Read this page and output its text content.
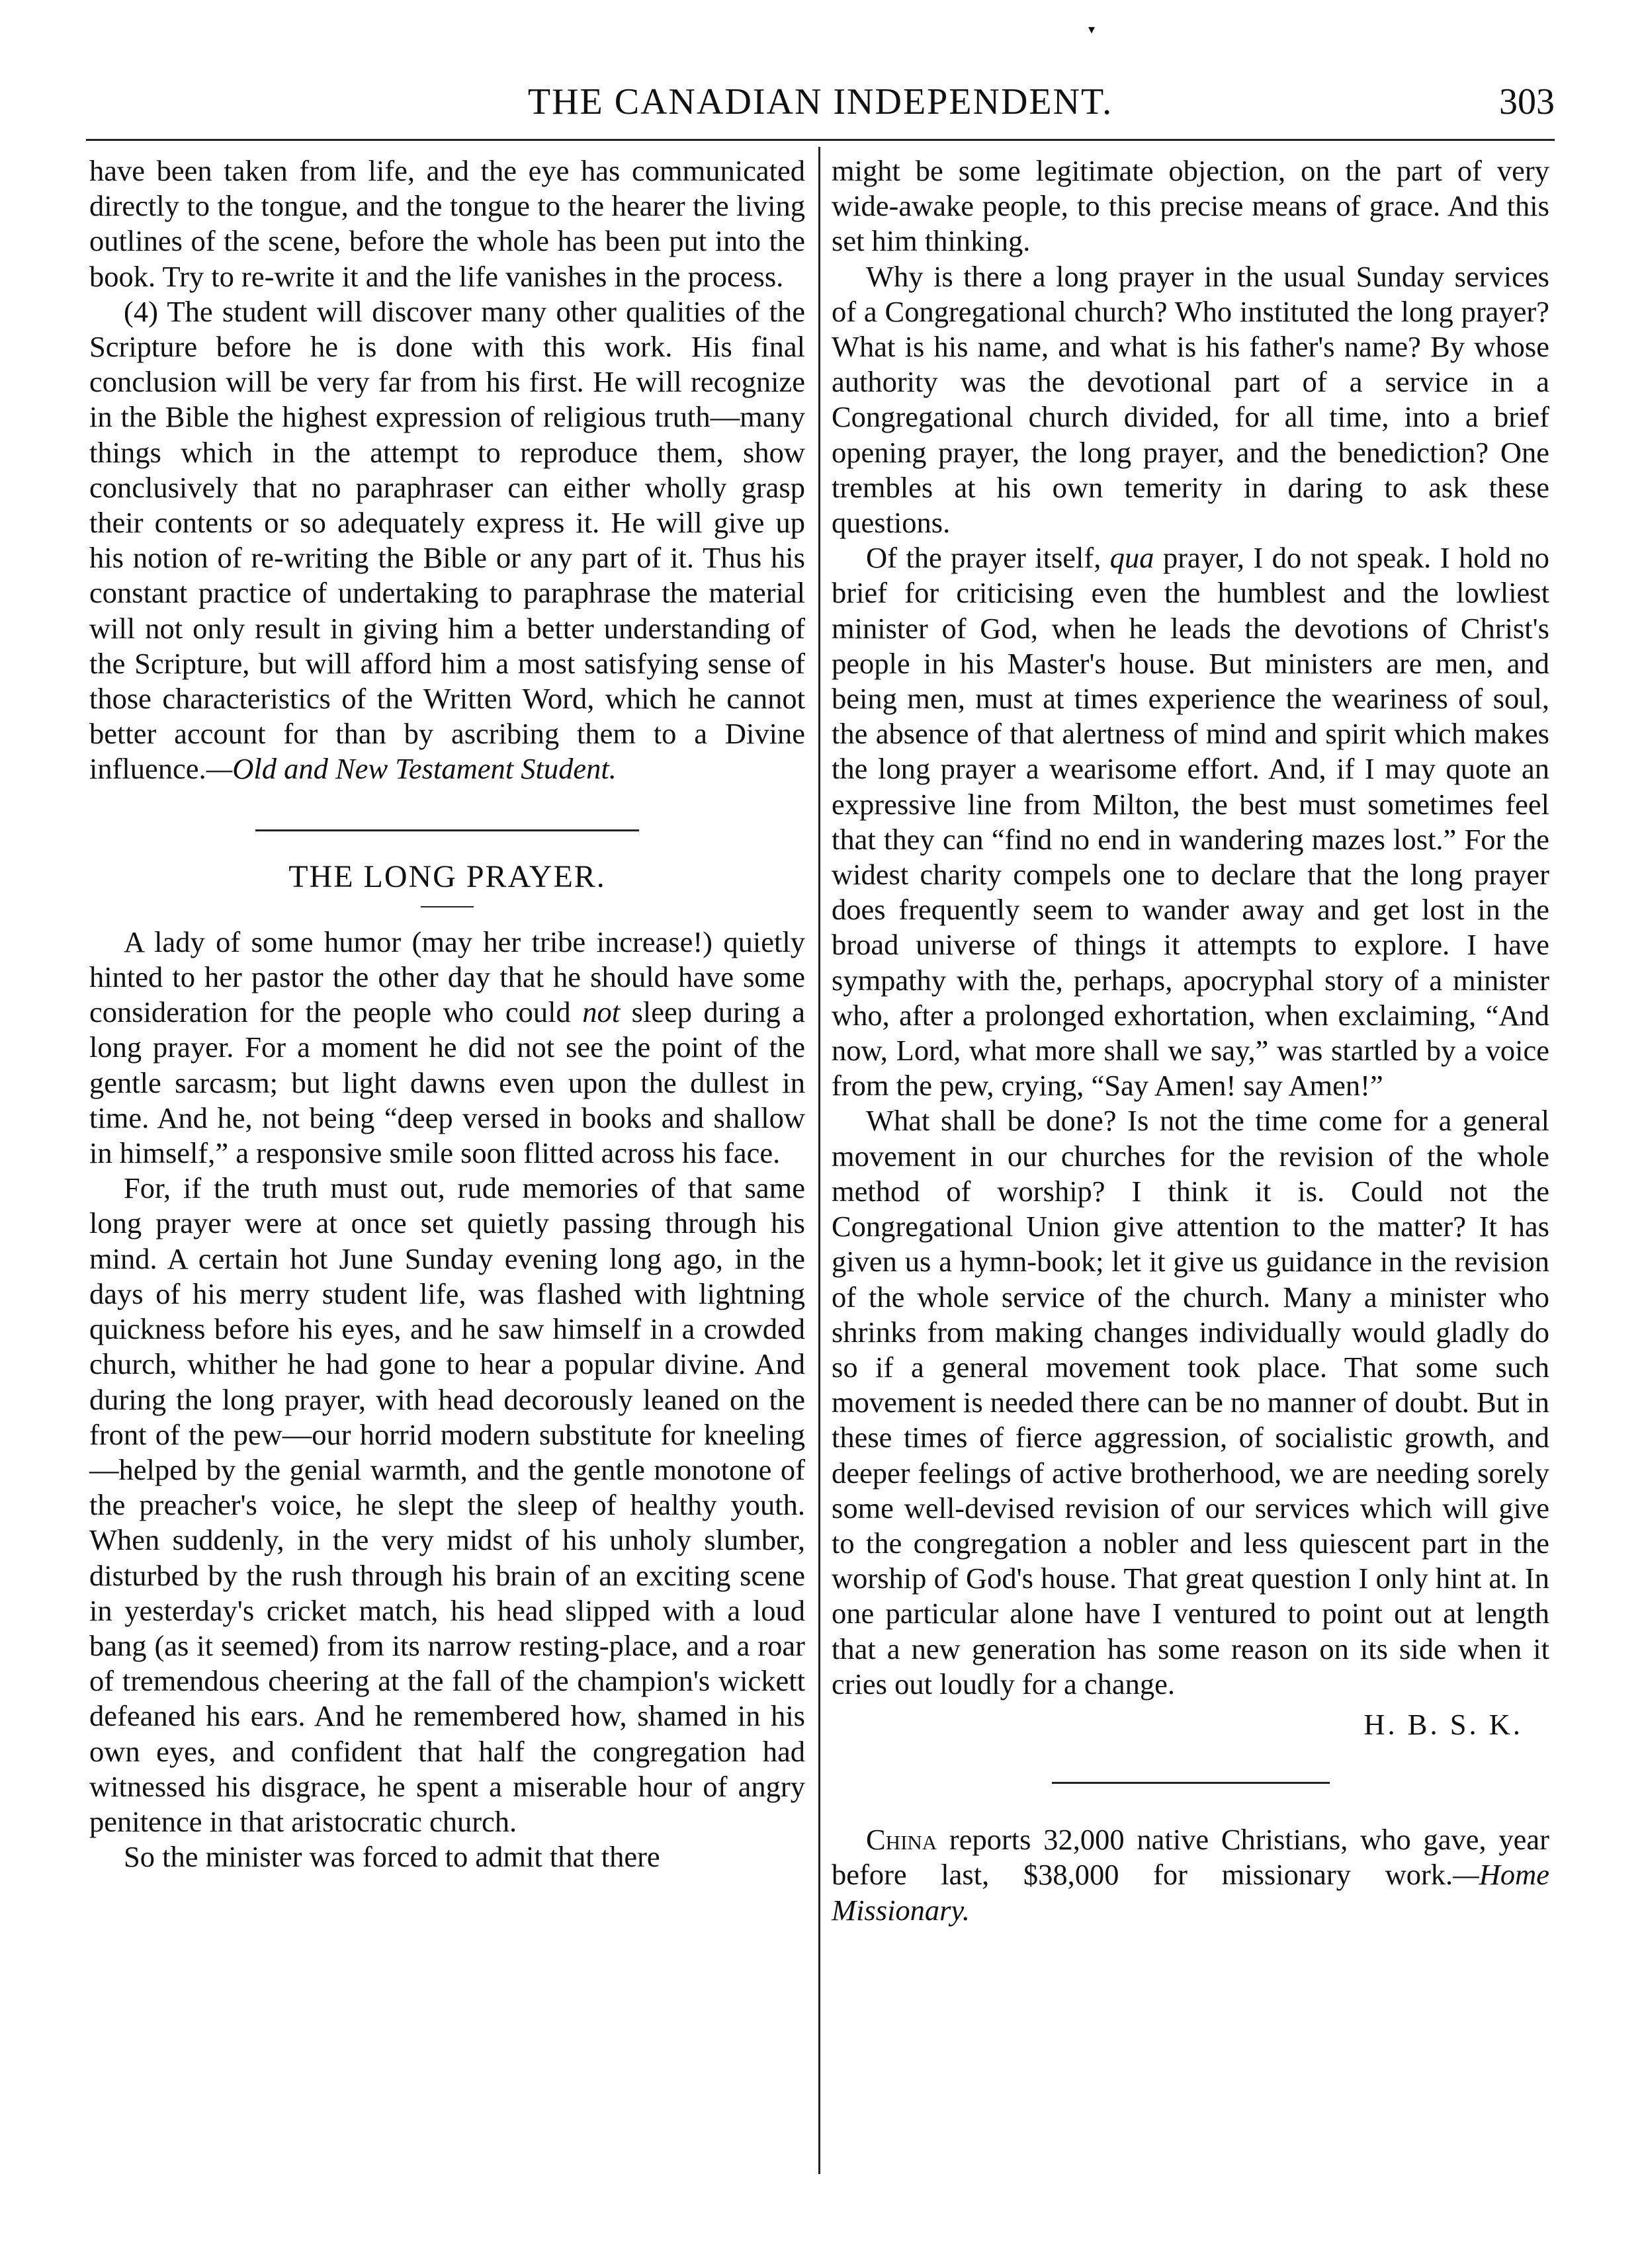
▾
THE CANADIAN INDEPENDENT.	303

have been taken from life, and the eye has communicated directly to the tongue, and the tongue to the hearer the living outlines of the scene, before the whole has been put into the book. Try to re-write it and the life vanishes in the process.

(4) The student will discover many other qualities of the Scripture before he is done with this work. His final conclusion will be very far from his first. He will recognize in the Bible the highest expression of religious truth—many things which in the attempt to reproduce them, show conclusively that no paraphraser can either wholly grasp their contents or so adequately express it. He will give up his notion of re-writing the Bible or any part of it. Thus his constant practice of undertaking to paraphrase the material will not only result in giving him a better understanding of the Scripture, but will afford him a most satisfying sense of those characteristics of the Written Word, which he cannot better account for than by ascribing them to a Divine influence.—Old and New Testament Student.

THE LONG PRAYER.

A lady of some humor (may her tribe increase!) quietly hinted to her pastor the other day that he should have some consideration for the people who could not sleep during a long prayer. For a moment he did not see the point of the gentle sarcasm; but light dawns even upon the dullest in time. And he, not being “deep versed in books and shallow in himself,” a responsive smile soon flitted across his face.

For, if the truth must out, rude memories of that same long prayer were at once set quietly passing through his mind. A certain hot June Sunday evening long ago, in the days of his merry student life, was flashed with lightning quickness before his eyes, and he saw himself in a crowded church, whither he had gone to hear a popular divine. And during the long prayer, with head decorously leaned on the front of the pew—our horrid modern substitute for kneeling—helped by the genial warmth, and the gentle monotone of the preacher's voice, he slept the sleep of healthy youth. When suddenly, in the very midst of his unholy slumber, disturbed by the rush through his brain of an exciting scene in yesterday's cricket match, his head slipped with a loud bang (as it seemed) from its narrow resting-place, and a roar of tremendous cheering at the fall of the champion's wickett defeaned his ears. And he remembered how, shamed in his own eyes, and confident that half the congregation had witnessed his disgrace, he spent a miserable hour of angry penitence in that aristocratic church.

So the minister was forced to admit that there

might be some legitimate objection, on the part of very wide-awake people, to this precise means of grace. And this set him thinking.

Why is there a long prayer in the usual Sunday services of a Congregational church? Who instituted the long prayer? What is his name, and what is his father's name? By whose authority was the devotional part of a service in a Congregational church divided, for all time, into a brief opening prayer, the long prayer, and the benediction? One trembles at his own temerity in daring to ask these questions.

Of the prayer itself, qua prayer, I do not speak. I hold no brief for criticising even the humblest and the lowliest minister of God, when he leads the devotions of Christ's people in his Master's house. But ministers are men, and being men, must at times experience the weariness of soul, the absence of that alertness of mind and spirit which makes the long prayer a wearisome effort. And, if I may quote an expressive line from Milton, the best must sometimes feel that they can “find no end in wandering mazes lost.” For the widest charity compels one to declare that the long prayer does frequently seem to wander away and get lost in the broad universe of things it attempts to explore. I have sympathy with the, perhaps, apocryphal story of a minister who, after a prolonged exhortation, when exclaiming, “And now, Lord, what more shall we say,” was startled by a voice from the pew, crying, “Say Amen! say Amen!”

What shall be done? Is not the time come for a general movement in our churches for the revision of the whole method of worship? I think it is. Could not the Congregational Union give attention to the matter? It has given us a hymn-book; let it give us guidance in the revision of the whole service of the church. Many a minister who shrinks from making changes individually would gladly do so if a general movement took place. That some such movement is needed there can be no manner of doubt. But in these times of fierce aggression, of socialistic growth, and deeper feelings of active brotherhood, we are needing sorely some well-devised revision of our services which will give to the congregation a nobler and less quiescent part in the worship of God's house. That great question I only hint at. In one particular alone have I ventured to point out at length that a new generation has some reason on its side when it cries out loudly for a change.

H. B. S. K.

China reports 32,000 native Christians, who gave, year before last, $38,000 for missionary work.—Home Missionary.
